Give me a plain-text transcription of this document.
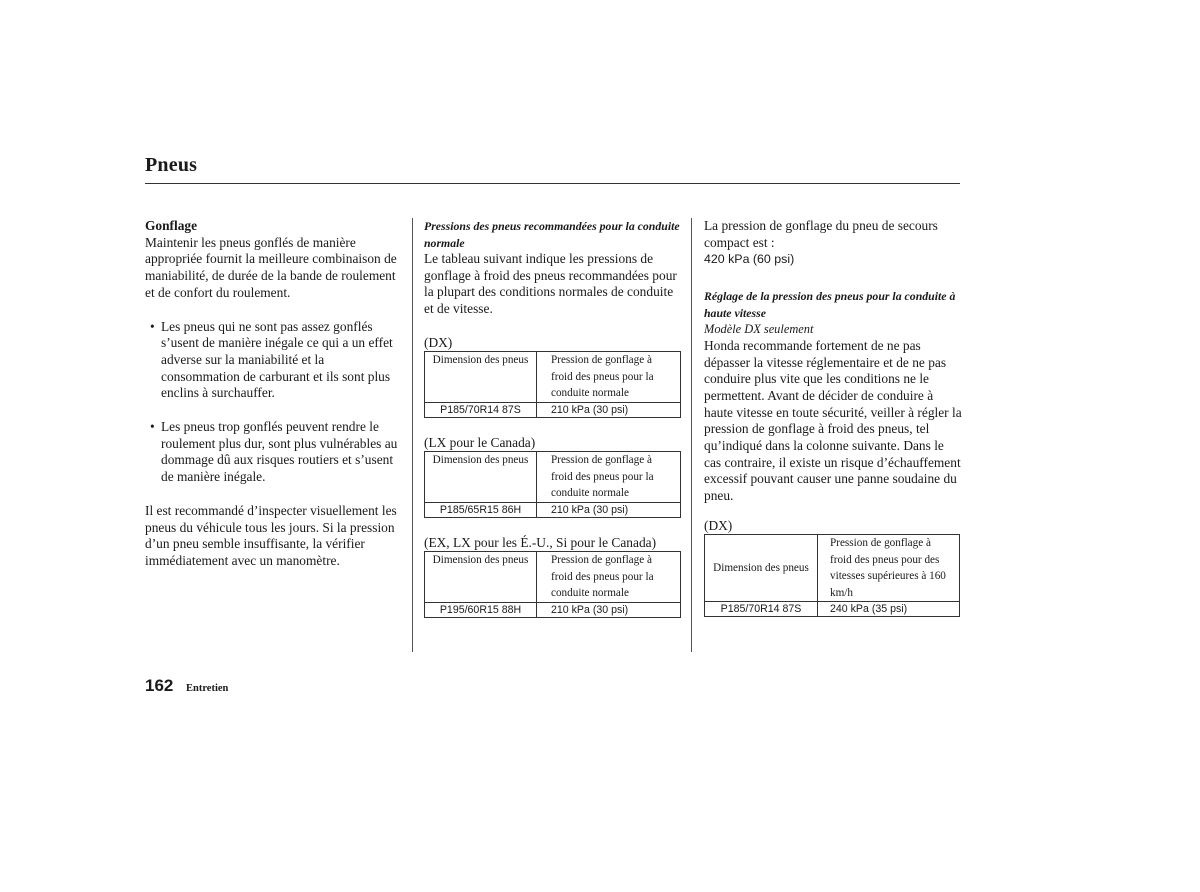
Pneus

Gonflage

Maintenir les pneus gonflés de manière appropriée fournit la meilleure combinaison de maniabilité, de durée de la bande de roulement et de confort du roulement.

• Les pneus qui ne sont pas assez gonflés s’usent de manière inégale ce qui a un effet adverse sur la maniabilité et la consommation de carburant et ils sont plus enclins à surchauffer.

• Les pneus trop gonflés peuvent rendre le roulement plus dur, sont plus vulnérables au dommage dû aux risques routiers et s’usent de manière inégale.

Il est recommandé d’inspecter visuellement les pneus du véhicule tous les jours. Si la pression d’un pneu semble insuffisante, la vérifier immédiatement avec un manomètre.

Pressions des pneus recommandées pour la conduite normale

Le tableau suivant indique les pressions de gonflage à froid des pneus recommandées pour la plupart des conditions normales de conduite et de vitesse.

(DX)
Dimension des pneus	Pression de gonflage à froid des pneus pour la conduite normale
P185/70R14 87S	210 kPa (30 psi)
(LX pour le Canada)
Dimension des pneus	Pression de gonflage à froid des pneus pour la conduite normale
P185/65R15 86H	210 kPa (30 psi)
(EX, LX pour les É.-U., Si pour le Canada)
Dimension des pneus	Pression de gonflage à froid des pneus pour la conduite normale
P195/60R15 88H	210 kPa (30 psi)

La pression de gonflage du pneu de secours compact est :

420 kPa (60 psi)

Réglage de la pression des pneus pour la conduite à haute vitesse

Modèle DX seulement

Honda recommande fortement de ne pas dépasser la vitesse réglementaire et de ne pas conduire plus vite que les conditions ne le permettent. Avant de décider de conduire à haute vitesse en toute sécurité, veiller à régler la pression de gonflage à froid des pneus, tel qu’indiqué dans la colonne suivante. Dans le cas contraire, il existe un risque d’échauffement excessif pouvant causer une panne soudaine du pneu.

(DX)
Dimension des pneus	Pression de gonflage à froid des pneus pour des vitesses supérieures à 160 km/h
P185/70R14 87S	240 kPa (35 psi)
162 Entretien
